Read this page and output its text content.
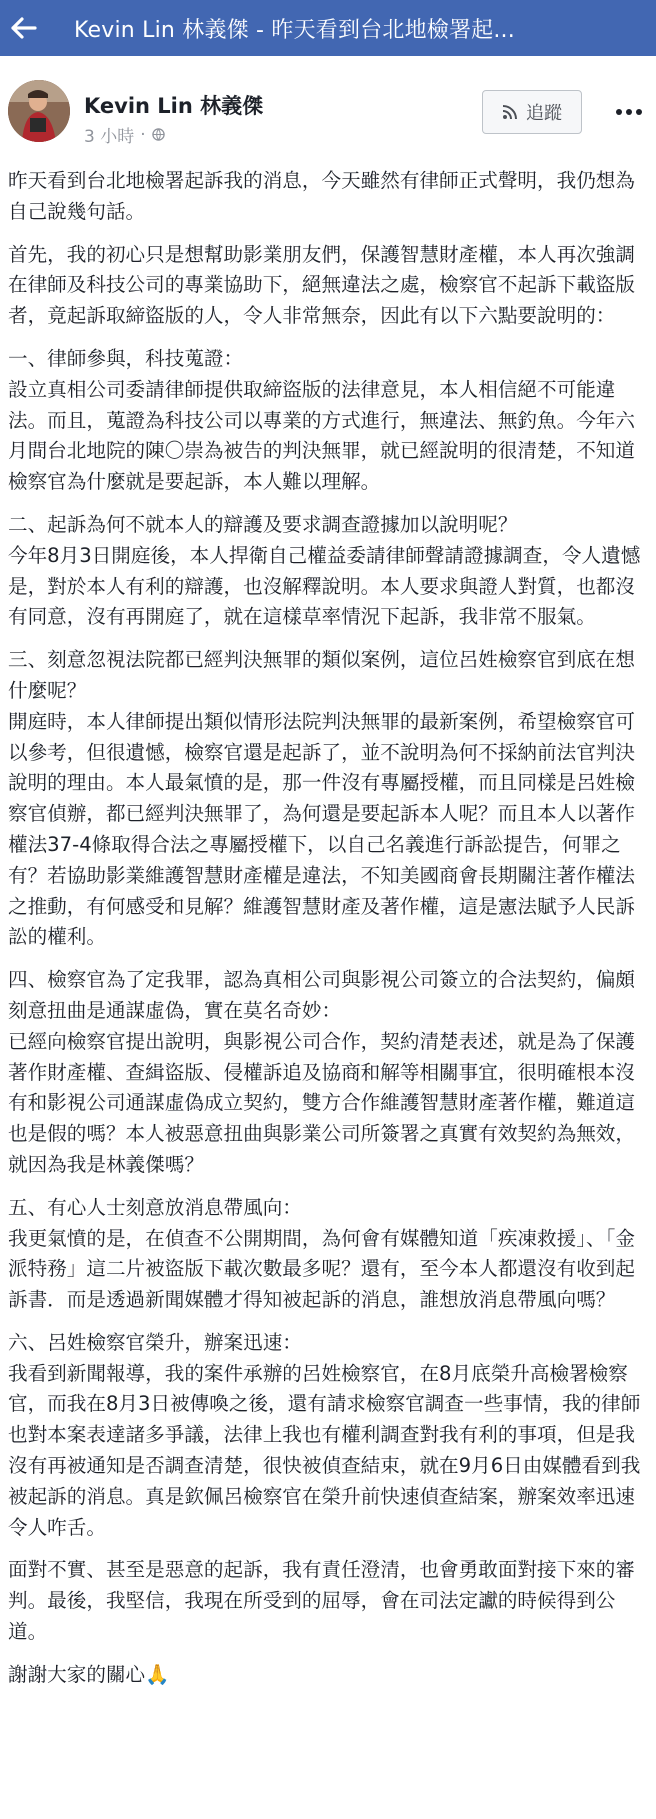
Kevin Lin 林義傑 - 昨天看到台北地檢署起...
Kevin Lin 林義傑
3 小時 ·
追蹤

昨天看到台北地檢署起訴我的消息，今天雖然有律師正式聲明，我仍想為自己說幾句話。

首先，我的初心只是想幫助影業朋友們，保護智慧財產權，本人再次強調在律師及科技公司的專業協助下，絕無違法之處，檢察官不起訴下載盜版者，竟起訴取締盜版的人，令人非常無奈，因此有以下六點要說明的：

一、律師參與，科技蒐證：
設立真相公司委請律師提供取締盜版的法律意見，本人相信絕不可能違法。而且，蒐證為科技公司以專業的方式進行，無違法、無釣魚。今年六月間台北地院的陳〇崇為被告的判決無罪，就已經說明的很清楚，不知道檢察官為什麼就是要起訴，本人難以理解。

二、起訴為何不就本人的辯護及要求調查證據加以說明呢？
今年8月3日開庭後，本人捍衛自己權益委請律師聲請證據調查，令人遺憾是，對於本人有利的辯護，也沒解釋說明。本人要求與證人對質，也都沒有同意，沒有再開庭了，就在這樣草率情況下起訴，我非常不服氣。

三、刻意忽視法院都已經判決無罪的類似案例，這位呂姓檢察官到底在想什麼呢？
開庭時，本人律師提出類似情形法院判決無罪的最新案例，希望檢察官可以參考，但很遺憾，檢察官還是起訴了，並不說明為何不採納前法官判決說明的理由。本人最氣憤的是，那一件沒有專屬授權，而且同樣是呂姓檢察官偵辦，都已經判決無罪了，為何還是要起訴本人呢？而且本人以著作權法37-4條取得合法之專屬授權下，以自己名義進行訴訟提告，何罪之有？若協助影業維護智慧財產權是違法，不知美國商會長期關注著作權法之推動，有何感受和見解？維護智慧財產及著作權，這是憲法賦予人民訴訟的權利。

四、檢察官為了定我罪，認為真相公司與影視公司簽立的合法契約，偏頗刻意扭曲是通謀虛偽，實在莫名奇妙：
已經向檢察官提出說明，與影視公司合作，契約清楚表述，就是為了保護著作財產權、查緝盜版、侵權訴追及協商和解等相關事宜，很明確根本沒有和影視公司通謀虛偽成立契約，雙方合作維護智慧財產著作權，難道這也是假的嗎？本人被惡意扭曲與影業公司所簽署之真實有效契約為無效，就因為我是林義傑嗎？

五、有心人士刻意放消息帶風向：
我更氣憤的是，在偵查不公開期間，為何會有媒體知道「疾凍救援」、「金派特務」這二片被盜版下載次數最多呢？還有，至今本人都還沒有收到起訴書．而是透過新聞媒體才得知被起訴的消息，誰想放消息帶風向嗎？

六、呂姓檢察官榮升，辦案迅速：
我看到新聞報導，我的案件承辦的呂姓檢察官，在8月底榮升高檢署檢察官，而我在8月3日被傳喚之後，還有請求檢察官調查一些事情，我的律師也對本案表達諸多爭議，法律上我也有權利調查對我有利的事項，但是我沒有再被通知是否調查清楚，很快被偵查結束，就在9月6日由媒體看到我被起訴的消息。真是欽佩呂檢察官在榮升前快速偵查結案，辦案效率迅速令人咋舌。

面對不實、甚至是惡意的起訴，我有責任澄清，也會勇敢面對接下來的審判。最後，我堅信，我現在所受到的屈辱，會在司法定讞的時候得到公道。

謝謝大家的關心🙏
